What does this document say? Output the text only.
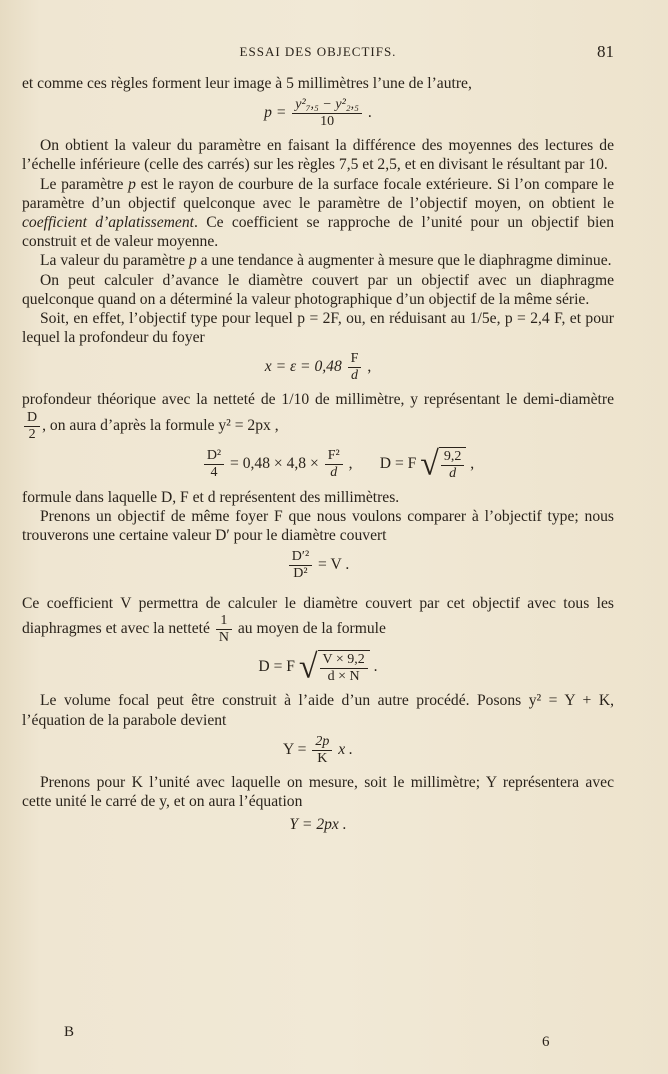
ESSAI DES OBJECTIFS.	81

et comme ces règles forment leur image à 5 millimètres l’une de l’autre,

$p = \frac{\text{y²₇,₅ − y²₂,₅}}{10}$ .

On obtient la valeur du paramètre en faisant la différence des moyennes des lectures de l’échelle inférieure (celle des carrés) sur les règles 7,5 et 2,5, et en divisant le résultant par 10.

Le paramètre p est le rayon de courbure de la surface focale extérieure. Si l’on compare le paramètre d’un objectif quelconque avec le paramètre de l’objectif moyen, on obtient le coefficient d’aplatissement. Ce coefficient se rapproche de l’unité pour un objectif bien construit et de valeur moyenne.

La valeur du paramètre p a une tendance à augmenter à mesure que le diaphragme diminue.

On peut calculer d’avance le diamètre couvert par un objectif avec un diaphragme quelconque quand on a déterminé la valeur photographique d’un objectif de la même série.

Soit, en effet, l’objectif type pour lequel p = 2F, ou, en réduisant au 1/5e, p = 2,4 F, et pour lequel la profondeur du foyer

$x = \varepsilon = 0,48 \frac{F}{d}$ ,

profondeur théorique avec la netteté de 1/10 de millimètre, y représentant le demi-diamètre
$\frac{D}{2}$ , on aura d’après la formule y² = 2px ,

$\frac{\text{D²}}{4} = 0,48 \times 4,8 \times \frac{\text{F²}}{d}$ ,       D = F √ $\frac{9,2}{d}$ ,

formule dans laquelle D, F et d représentent des millimètres.

Prenons un objectif de même foyer F que nous voulons comparer à l’objectif type; nous trouverons une certaine valeur D′ pour le diamètre couvert

$\frac{\text{D′²}}{\text{D²}} = V$ .

Ce coefficient V permettra de calculer le diamètre couvert par cet objectif avec tous les diaphragmes et avec la netteté $\frac{1}{N}$ au moyen de la formule

D = F √ $\frac{V \times 9,2}{d \times N}$ .

Le volume focal peut être construit à l’aide d’un autre procédé. Posons y² = Y + K, l’équation de la parabole devient

$Y = \frac{2p}{K}$ x .

Prenons pour K l’unité avec laquelle on mesure, soit le millimètre; Y représentera avec cette unité le carré de y, et on aura l’équation

Y = 2px .
B
6
